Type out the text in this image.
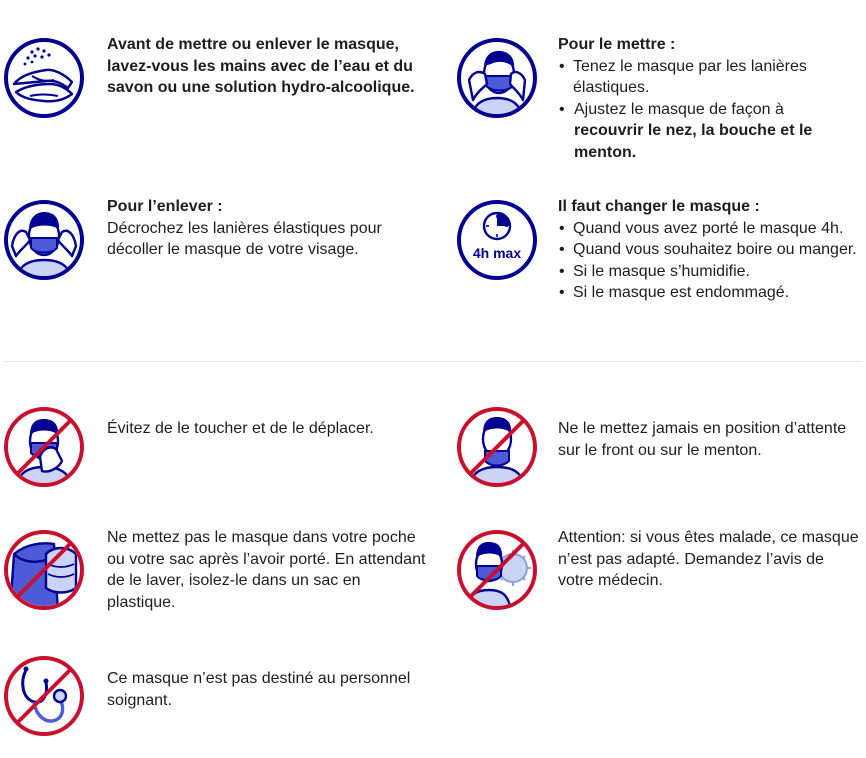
Avant de mettre ou enlever le masque, lavez-vous les mains avec de l’eau et du savon ou une solution hydro-alcoolique.

Pour le mettre :

• Tenez le masque par les lanières élastiques.
• Ajustez le masque de façon à recouvrir le nez, la bouche et le menton.

Pour l’enlever :

Décrochez les lanières élastiques pour décoller le masque de votre visage.	4h max

Il faut changer le masque :

• Quand vous avez porté le masque 4h.
• Quand vous souhaitez boire ou manger.
• Si le masque s’humidifie.
• Si le masque est endommagé.
Évitez de le toucher et de le déplacer.	Ne le mettez jamais en position d’attente sur le front ou sur le menton.
Ne mettez pas le masque dans votre poche ou votre sac après l’avoir porté. En attendant de le laver, isolez-le dans un sac en plastique.
Attention: si vous êtes malade, ce masque n’est pas adapté. Demandez l’avis de votre médecin.
Ce masque n’est pas destiné au personnel soignant.
